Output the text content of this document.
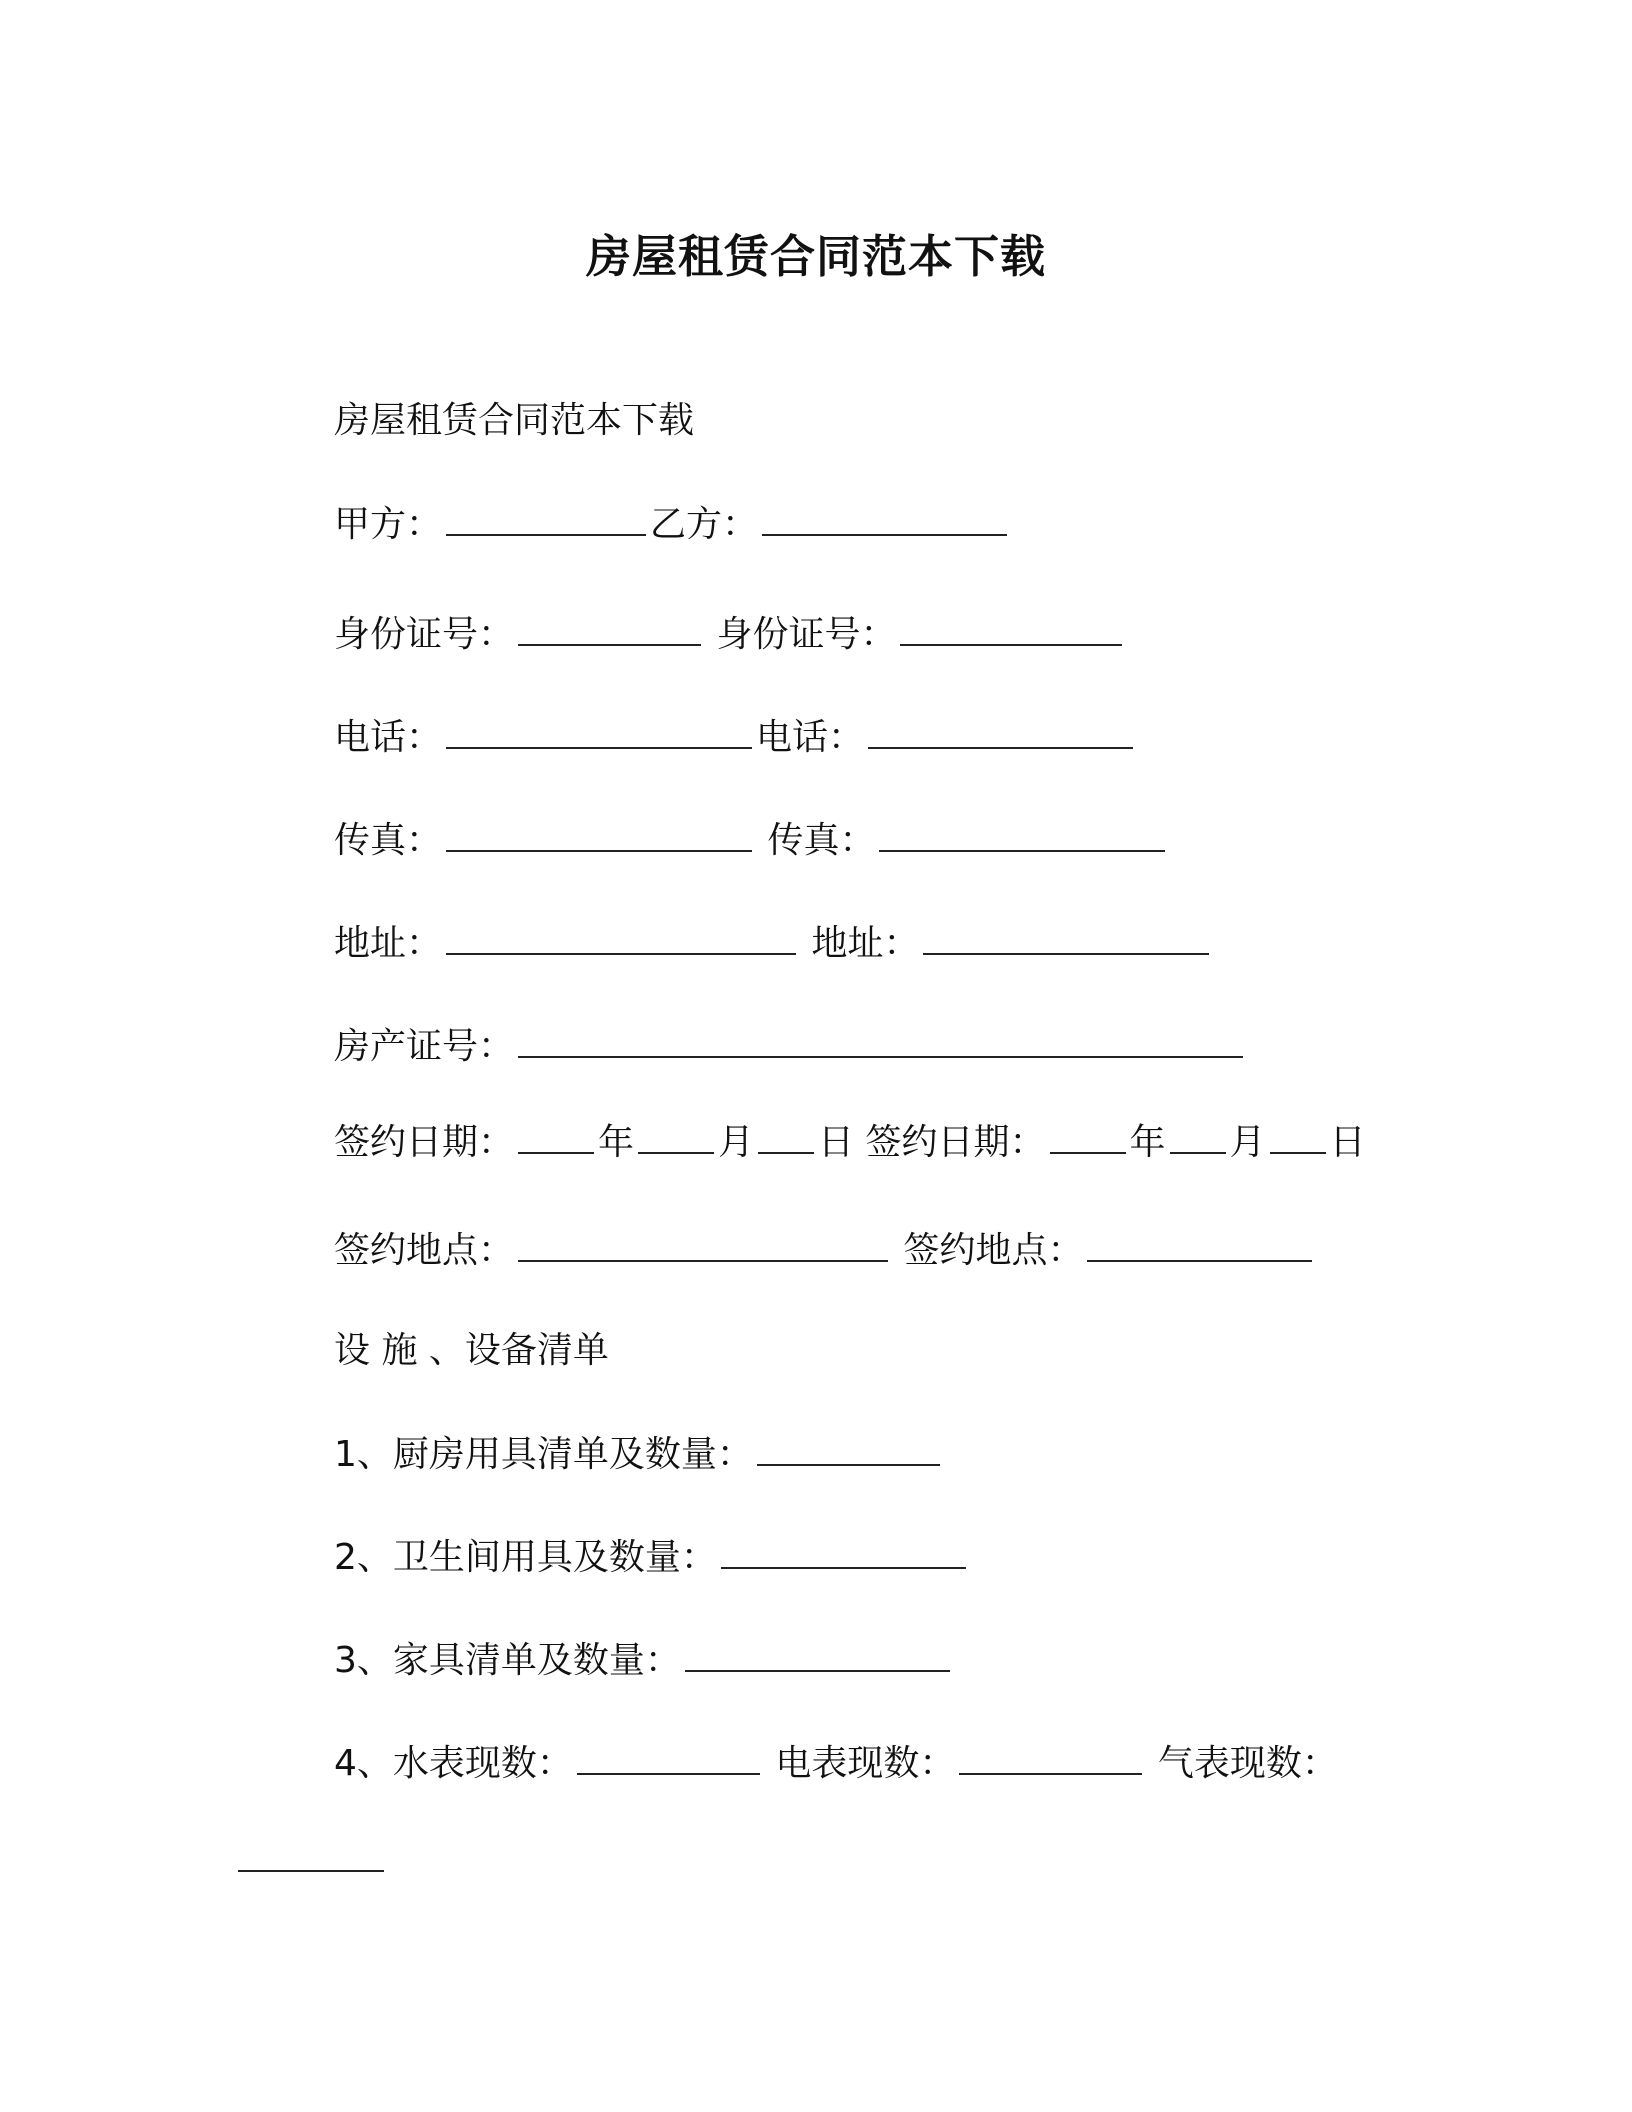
房屋租赁合同范本下载

房屋租赁合同范本下载

甲方：	乙方：

身份证号：	身份证号：

电话：	电话：

传真：	传真：

地址：	地址：

房产证号：

签约日期： 年 月 日 签约日期： 年 月 日

签约地点：	签约地点：

设 施 、设备清单

1、厨房用具清单及数量：

2、卫生间用具及数量：

3、家具清单及数量：

4、水表现数：	电表现数：	气表现数：
